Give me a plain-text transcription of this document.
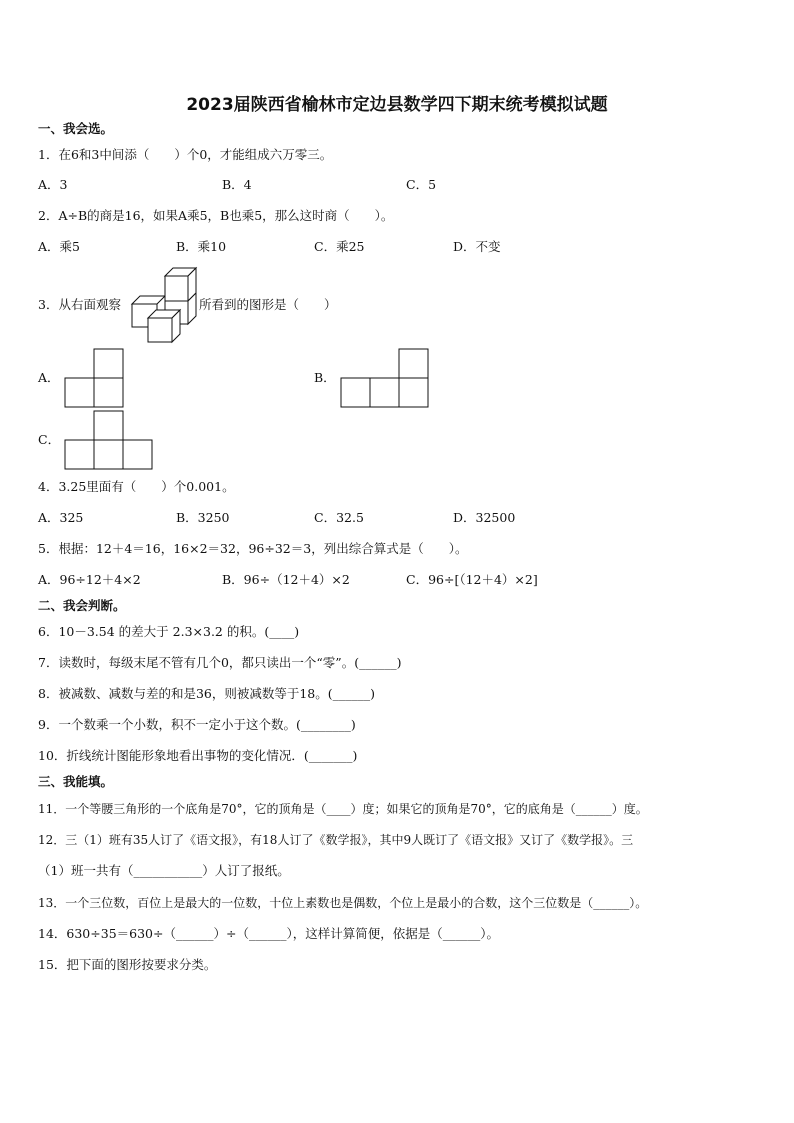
2023届陕西省榆林市定边县数学四下期末统考模拟试题
一、我会选。
1．在6和3中间添（　　）个0，才能组成六万零三。
A．3	B．4	C．5
2．A÷B的商是16，如果A乘5，B也乘5，那么这时商（　　）。
A．乘5	B．乘10	C．乘25	D．不变
3．从右面观察	所看到的图形是（　　）
A．	B．
C．
4．3.25里面有（　　）个0.001。
A．325	B．3250	C．32.5	D．32500
5．根据：12＋4＝16，16×2＝32，96÷32＝3，列出综合算式是（　　）。
A．96÷12＋4×2	B．96÷（12＋4）×2	C．96÷[（12＋4）×2]
二、我会判断。
6．10－3.54 的差大于 2.3×3.2 的积。(____)
7．读数时，每级末尾不管有几个0，都只读出一个“零”。(______)
8．被减数、减数与差的和是36，则被减数等于18。(______)
9．一个数乘一个小数，积不一定小于这个数。(________)
10．折线统计图能形象地看出事物的变化情况．(_______)
三、我能填。
11．一个等腰三角形的一个底角是70°，它的顶角是（____）度；如果它的顶角是70°，它的底角是（______）度。
12．三（1）班有35人订了《语文报》，有18人订了《数学报》，其中9人既订了《语文报》又订了《数学报》。三
（1）班一共有（___________）人订了报纸。
13．一个三位数，百位上是最大的一位数，十位上素数也是偶数，个位上是最小的合数，这个三位数是（______）。
14．630÷35＝630÷（______）÷（______），这样计算简便，依据是（______）。
15．把下面的图形按要求分类。
